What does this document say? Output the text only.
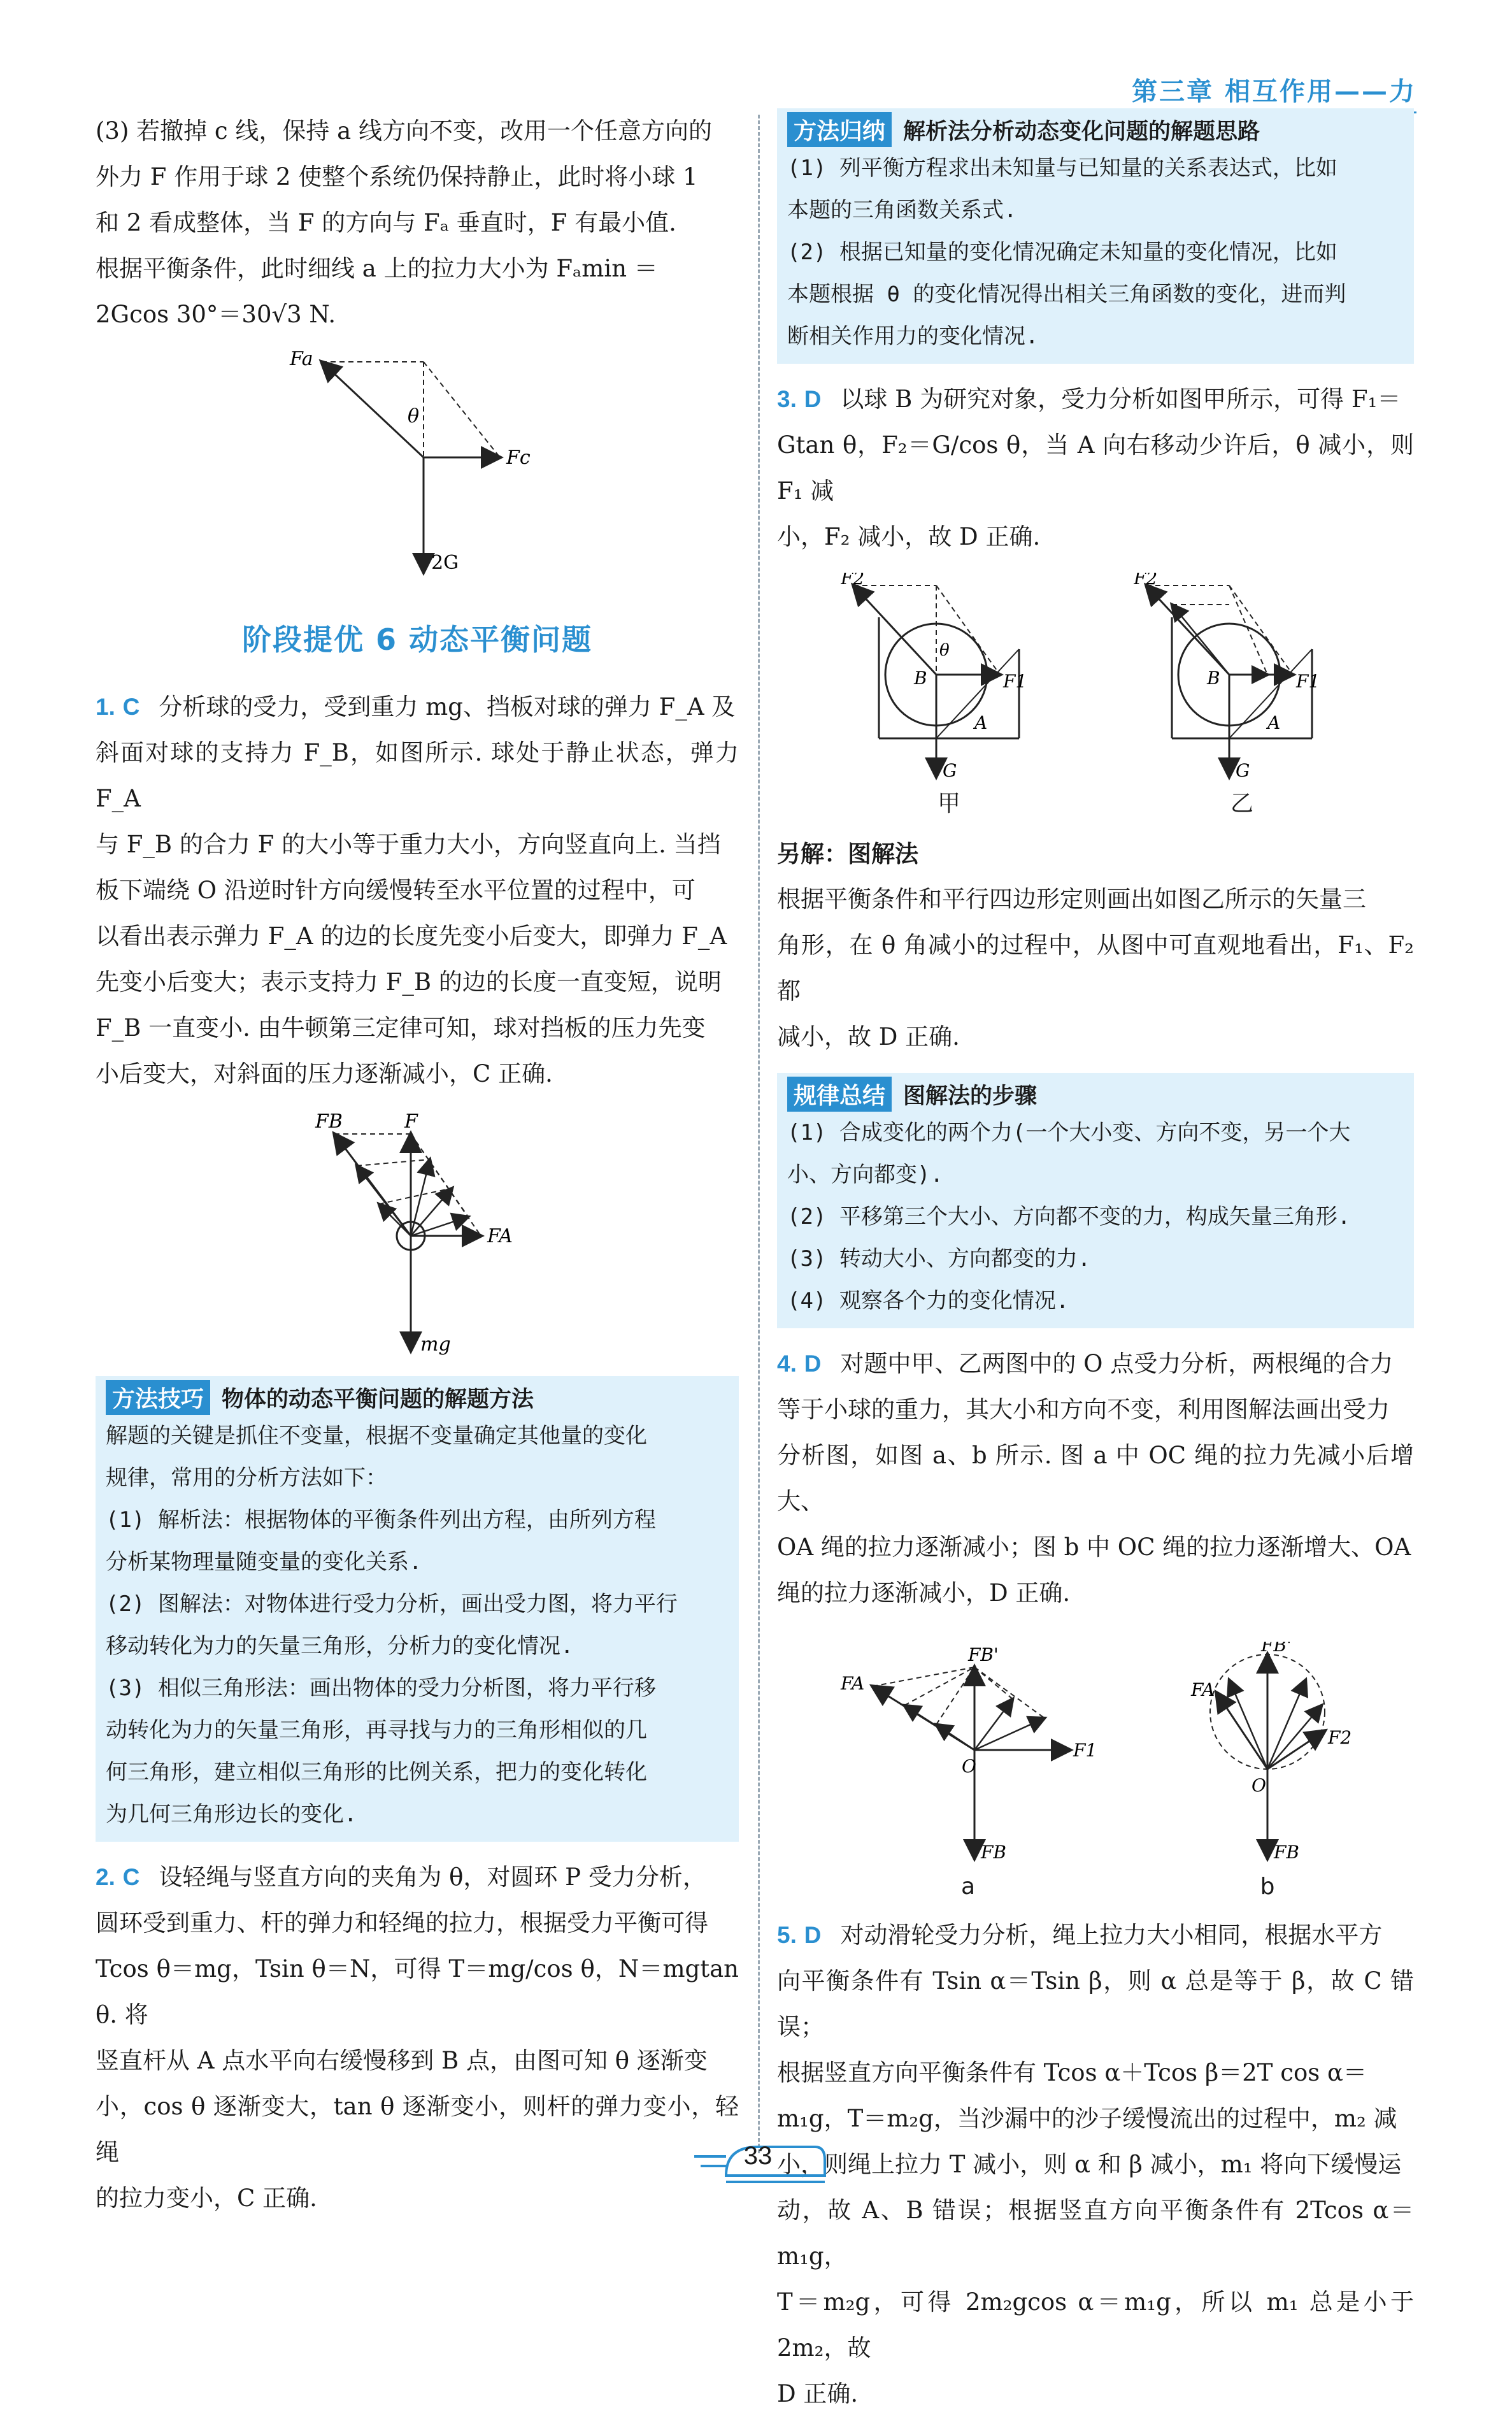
第三章 相互作用——力

(3) 若撤掉 c 线，保持 a 线方向不变，改用一个任意方向的

外力 F 作用于球 2 使整个系统仍保持静止，此时将小球 1

和 2 看成整体，当 F 的方向与 Fₐ 垂直时，F 有最小值.

根据平衡条件，此时细线 a 上的拉力大小为 Fₐmin ＝

2Gcos 30°＝30√3 N.

Fa
θ
Fc
2G
阶段提优 6 动态平衡问题

1. C 分析球的受力，受到重力 mg、挡板对球的弹力 F_A 及

斜面对球的支持力 F_B，如图所示. 球处于静止状态，弹力 F_A

与 F_B 的合力 F 的大小等于重力大小，方向竖直向上. 当挡

板下端绕 O 沿逆时针方向缓慢转至水平位置的过程中，可

以看出表示弹力 F_A 的边的长度先变小后变大，即弹力 F_A

先变小后变大；表示支持力 F_B 的边的长度一直变短，说明

F_B 一直变小. 由牛顿第三定律可知，球对挡板的压力先变

小后变大，对斜面的压力逐渐减小，C 正确.

FB	F
FA
mg
方法技巧 物体的动态平衡问题的解题方法

解题的关键是抓住不变量，根据不变量确定其他量的变化

规律，常用的分析方法如下：

(1) 解析法：根据物体的平衡条件列出方程，由所列方程

分析某物理量随变量的变化关系.

(2) 图解法：对物体进行受力分析，画出受力图，将力平行

移动转化为力的矢量三角形，分析力的变化情况.

(3) 相似三角形法：画出物体的受力分析图，将力平行移

动转化为力的矢量三角形，再寻找与力的三角形相似的几

何三角形，建立相似三角形的比例关系，把力的变化转化

为几何三角形边长的变化.

2. C 设轻绳与竖直方向的夹角为 θ，对圆环 P 受力分析，

圆环受到重力、杆的弹力和轻绳的拉力，根据受力平衡可得

Tcos θ＝mg，Tsin θ＝N，可得 T＝mg/cos θ，N＝mgtan θ. 将

竖直杆从 A 点水平向右缓慢移到 B 点，由图可知 θ 逐渐变

小，cos θ 逐渐变大，tan θ 逐渐变小，则杆的弹力变小，轻绳

的拉力变小，C 正确.

方法归纳 解析法分析动态变化问题的解题思路

(1) 列平衡方程求出未知量与已知量的关系表达式，比如

本题的三角函数关系式.

(2) 根据已知量的变化情况确定未知量的变化情况，比如

本题根据 θ 的变化情况得出相关三角函数的变化，进而判

断相关作用力的变化情况.

3. D 以球 B 为研究对象，受力分析如图甲所示，可得 F₁＝

Gtan θ，F₂＝G/cos θ，当 A 向右移动少许后，θ 减小，则 F₁ 减

小，F₂ 减小，故 D 正确.

F2
F1
B
θ
A
G
甲
F2
F1
B
A
G
乙

另解：图解法

根据平衡条件和平行四边形定则画出如图乙所示的矢量三

角形，在 θ 角减小的过程中，从图中可直观地看出，F₁、F₂ 都

减小，故 D 正确.

规律总结 图解法的步骤

(1) 合成变化的两个力(一个大小变、方向不变，另一个大

小、方向都变).

(2) 平移第三个大小、方向都不变的力，构成矢量三角形.

(3) 转动大小、方向都变的力.

(4) 观察各个力的变化情况.

4. D 对题中甲、乙两图中的 O 点受力分析，两根绳的合力

等于小球的重力，其大小和方向不变，利用图解法画出受力

分析图，如图 a、b 所示. 图 a 中 OC 绳的拉力先减小后增大、

OA 绳的拉力逐渐减小；图 b 中 OC 绳的拉力逐渐增大、OA

绳的拉力逐渐减小，D 正确.

FA
FB'
F1
O
FB
a
FA
FB'
F2
O
FB
b

5. D 对动滑轮受力分析，绳上拉力大小相同，根据水平方

向平衡条件有 Tsin α＝Tsin β，则 α 总是等于 β，故 C 错误；

根据竖直方向平衡条件有 Tcos α＋Tcos β＝2T cos α＝

m₁g，T＝m₂g，当沙漏中的沙子缓慢流出的过程中，m₂ 减

小，则绳上拉力 T 减小，则 α 和 β 减小，m₁ 将向下缓慢运

动，故 A、B 错误；根据竖直方向平衡条件有 2Tcos α＝m₁g，

T＝m₂g，可得 2m₂gcos α＝m₁g，所以 m₁ 总是小于 2m₂，故

D 正确.

33
